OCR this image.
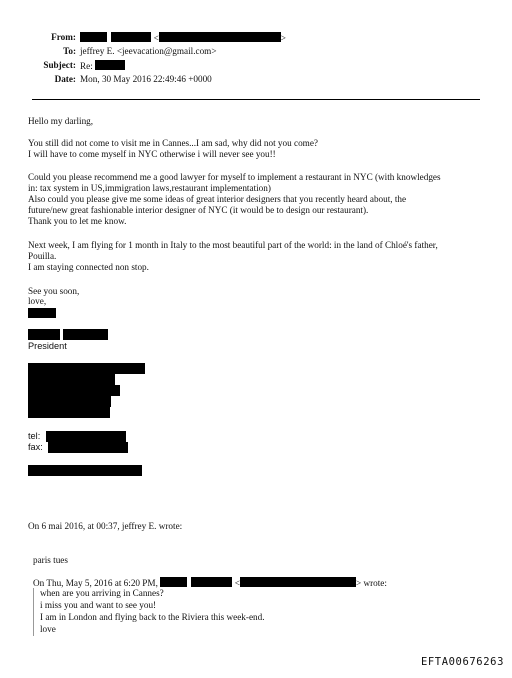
From:	<	>
To: jeffrey E. <jeevacation@gmail.com>
Subject: Re:
Date: Mon, 30 May 2016 22:49:46 +0000
Hello my darling,
You still did not come to visit me in Cannes...I am sad, why did not you come?
I will have to come myself in NYC otherwise i will never see you!!
Could you please recommend me a good lawyer for myself to implement a restaurant in NYC (with knowledges
in: tax system in US,immigration laws,restaurant implementation)
Also could you please give me some ideas of great interior designers that you recently heard about, the
future/new great fashionable interior designer of NYC (it would be to design our restaurant).
Thank you to let me know.
Next week, I am flying for 1 month in Italy to the most beautiful part of the world: in the land of Chloé's father,
Pouilla.
I am staying connected non stop.
See you soon,
love,
President
tel:
fax:
On 6 mai 2016, at 00:37, jeffrey E. wrote:
paris tues
On Thu, May 5, 2016 at 6:20 PM,	<	> wrote:
when are you arriving in Cannes?
i miss you and want to see you!
I am in London and flying back to the Riviera this week-end.
love
EFTA00676263
